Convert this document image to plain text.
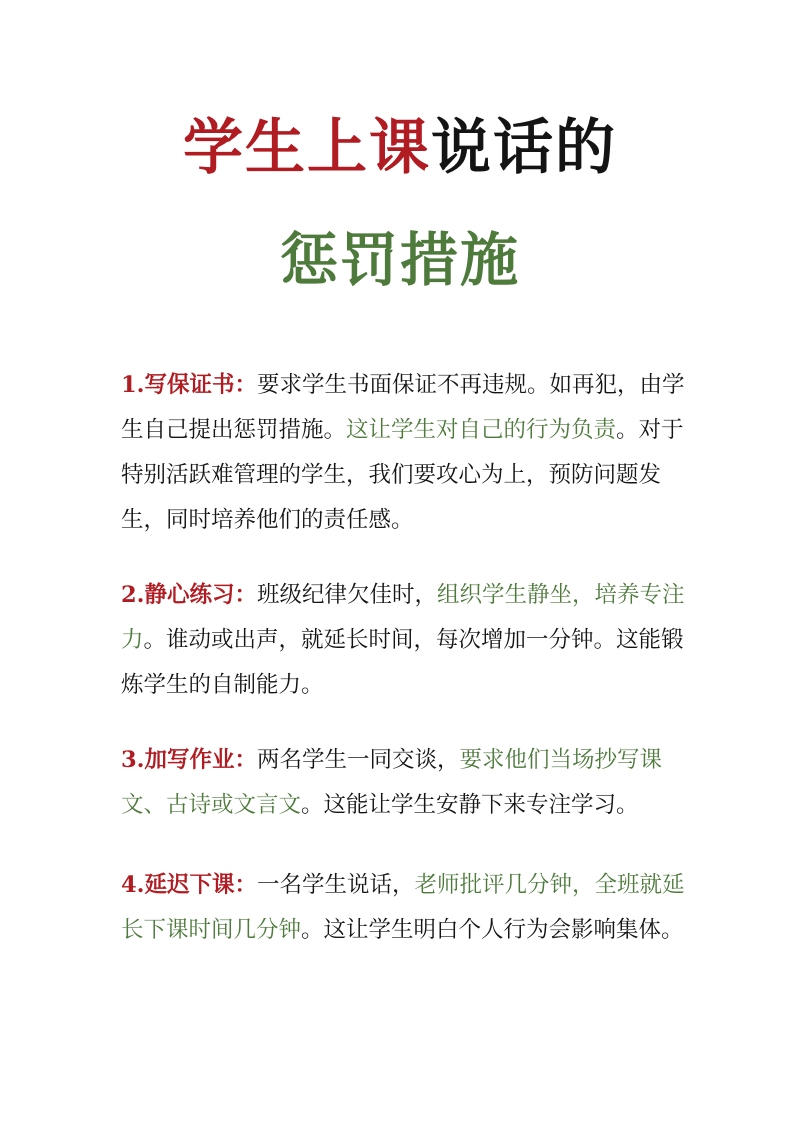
学生上课说话的
惩罚措施
1.写保证书：要求学生书面保证不再违规。如再犯，由学生自己提出惩罚措施。这让学生对自己的行为负责。对于特别活跃难管理的学生，我们要攻心为上，预防问题发生，同时培养他们的责任感。
2.静心练习：班级纪律欠佳时，组织学生静坐，培养专注力。谁动或出声，就延长时间，每次增加一分钟。这能锻炼学生的自制能力。
3.加写作业：两名学生一同交谈，要求他们当场抄写课文、古诗或文言文。这能让学生安静下来专注学习。
4.延迟下课：一名学生说话，老师批评几分钟，全班就延长下课时间几分钟。这让学生明白个人行为会影响集体。
